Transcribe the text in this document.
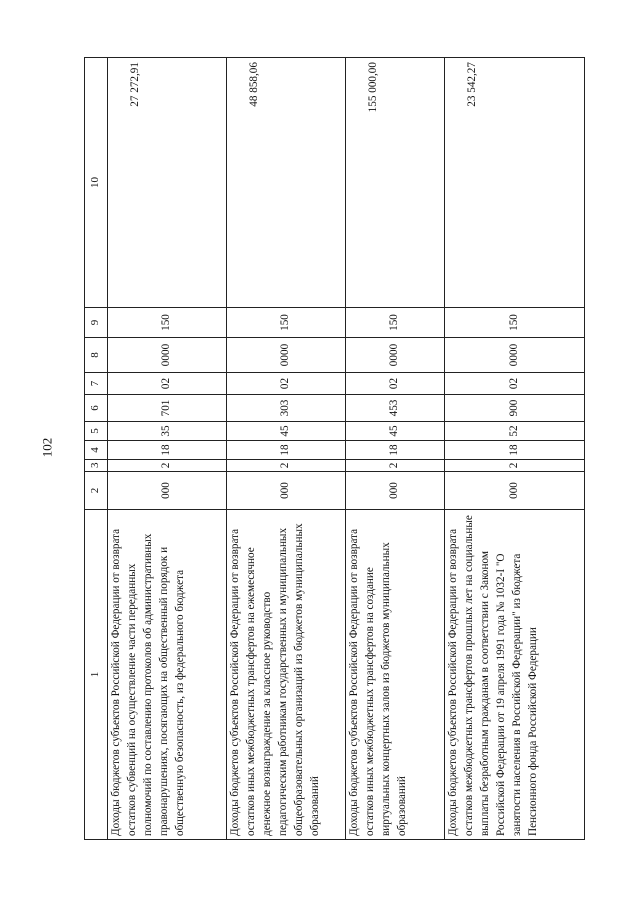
102
1	2	3	4	5	6	7	8	9	10
Доходы бюджетов субъектов Российской Федерации от возврата остатков субвенций на осуществление части переданных полномочий по составлению протоколов об административных правонарушениях, посягающих на общественный порядок и общественную безопасность, из федерального бюджета	000	2	18	35	701	02	0000	150	27 272,91
Доходы бюджетов субъектов Российской Федерации от возврата остатков иных межбюджетных трансфертов на ежемесячное денежное вознаграждение за классное руководство педагогическим работникам государственных и муниципальных общеобразовательных организаций из бюджетов муниципальных образований	000	2	18	45	303	02	0000	150	48 858,06
Доходы бюджетов субъектов Российской Федерации от возврата остатков иных межбюджетных трансфертов на создание виртуальных концертных залов из бюджетов муниципальных образований	000	2	18	45	453	02	0000	150	155 000,00
Доходы бюджетов субъектов Российской Федерации от возврата остатков межбюджетных трансфертов прошлых лет на социальные выплаты безработным гражданам в соответствии с Законом Российской Федерации от 19 апреля 1991 года № 1032-I "О занятости населения в Российской Федерации" из бюджета Пенсионного фонда Российской Федерации	000	2	18	52	900	02	0000	150	23 542,27
